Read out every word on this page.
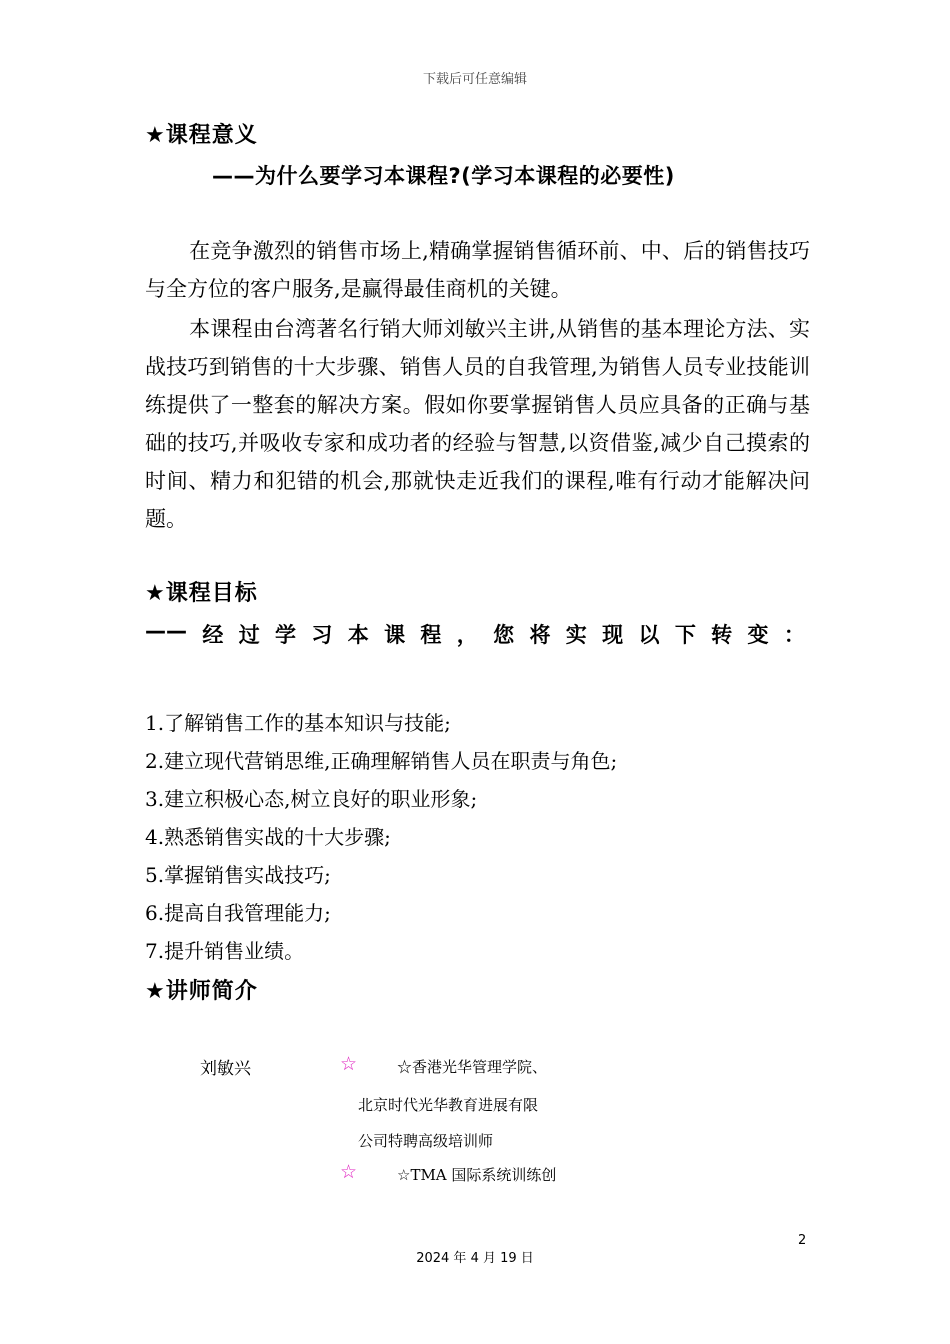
下载后可任意编辑
★课程意义
——为什么要学习本课程?(学习本课程的必要性)
在竞争激烈的销售市场上,精确掌握销售循环前、中、后的销售技巧与全方位的客户服务,是赢得最佳商机的关键。
本课程由台湾著名行销大师刘敏兴主讲,从销售的基本理论方法、实战技巧到销售的十大步骤、销售人员的自我管理,为销售人员专业技能训练提供了一整套的解决方案。假如你要掌握销售人员应具备的正确与基础的技巧,并吸收专家和成功者的经验与智慧,以资借鉴,减少自己摸索的时间、精力和犯错的机会,那就快走近我们的课程,唯有行动才能解决问题。
★课程目标
—— 经 过 学 习 本 课 程 ， 您 将 实 现 以 下 转 变 ：
1.了解销售工作的基本知识与技能;
2.建立现代营销思维,正确理解销售人员在职责与角色;
3.建立积极心态,树立良好的职业形象;
4.熟悉销售实战的十大步骤;
5.掌握销售实战技巧;
6.提高自我管理能力;
7.提升销售业绩。
★讲师简介
刘敏兴	☆	☆香港光华管理学院、
北京时代光华教育进展有限
公司特聘高级培训师
☆	☆TMA 国际系统训练创
2
2024 年 4 月 19 日
